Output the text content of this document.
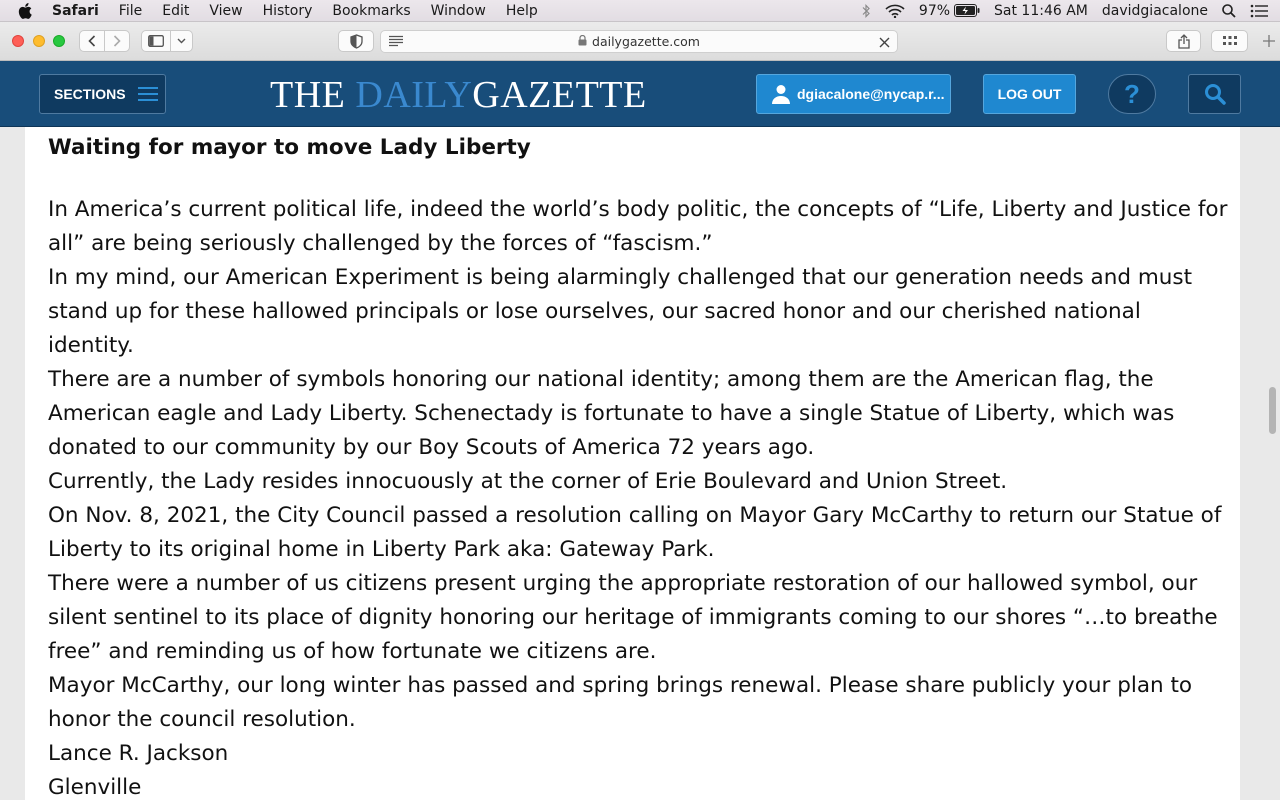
Safari File Edit View History Bookmarks Window Help	97%	Sat 11:46 AM davidgiacalone
dailygazette.com
SECTIONS	THE DAILYGAZETTE	dgiacalone@nycap.r...	LOG OUT ?
Waiting for mayor to move Lady Liberty

In America’s current political life, indeed the world’s body politic, the concepts of “Life, Liberty and Justice for all” are being seriously challenged by the forces of “fascism.”

In my mind, our American Experiment is being alarmingly challenged that our generation needs and must stand up for these hallowed principals or lose ourselves, our sacred honor and our cherished national identity.

There are a number of symbols honoring our national identity; among them are the American flag, the American eagle and Lady Liberty. Schenectady is fortunate to have a single Statue of Liberty, which was donated to our community by our Boy Scouts of America 72 years ago.

Currently, the Lady resides innocuously at the corner of Erie Boulevard and Union Street.

On Nov. 8, 2021, the City Council passed a resolution calling on Mayor Gary McCarthy to return our Statue of Liberty to its original home in Liberty Park aka: Gateway Park.

There were a number of us citizens present urging the appropriate restoration of our hallowed symbol, our silent sentinel to its place of dignity honoring our heritage of immigrants coming to our shores “…to breathe free” and reminding us of how fortunate we citizens are.

Mayor McCarthy, our long winter has passed and spring brings renewal. Please share publicly your plan to honor the council resolution.

Lance R. Jackson

Glenville
